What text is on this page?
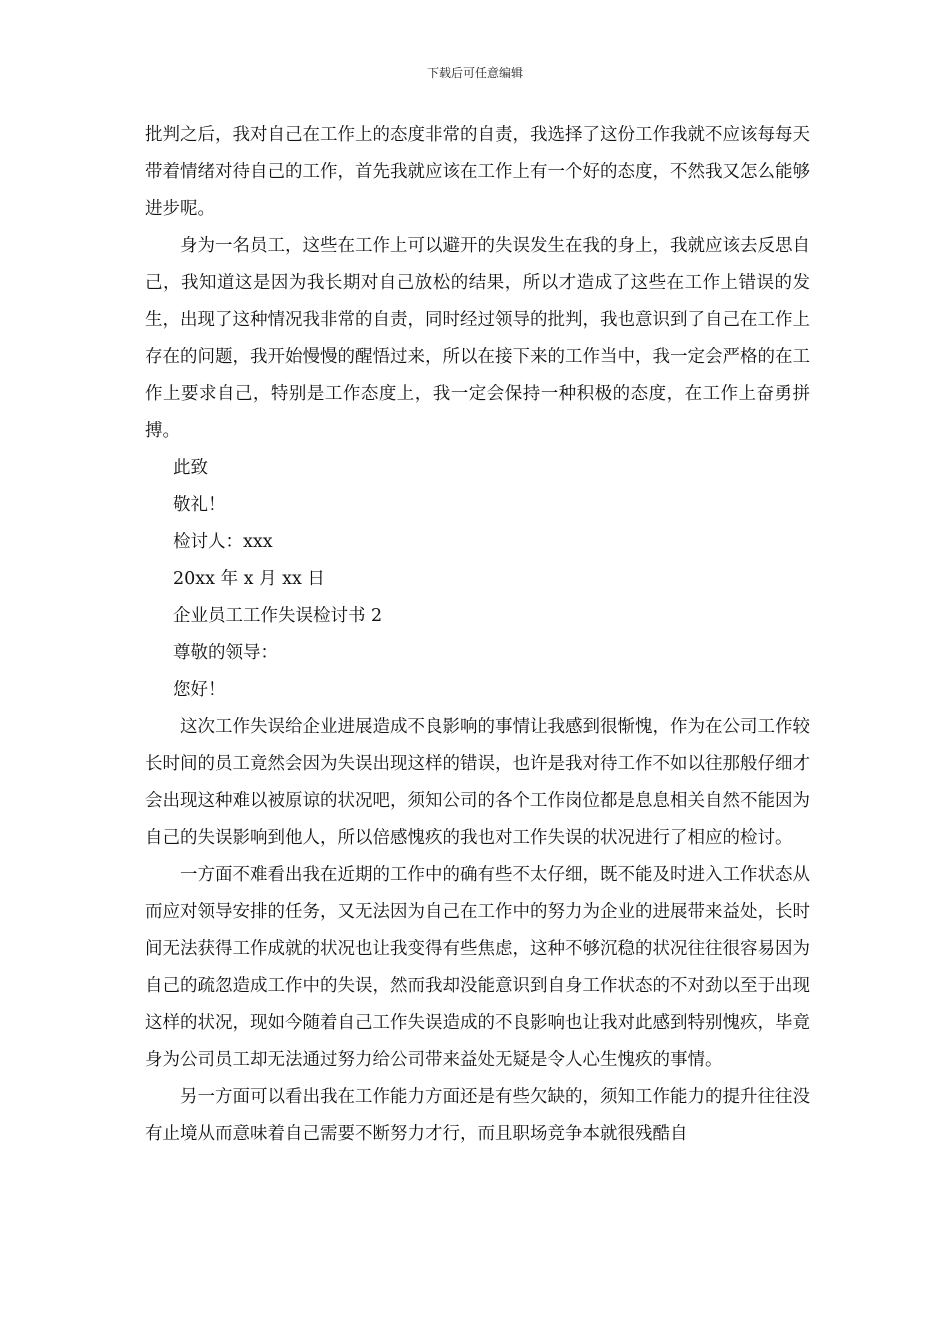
下载后可任意编辑

批判之后，我对自己在工作上的态度非常的自责，我选择了这份工作我就不应该每每天带着情绪对待自己的工作，首先我就应该在工作上有一个好的态度，不然我又怎么能够进步呢。

身为一名员工，这些在工作上可以避开的失误发生在我的身上，我就应该去反思自己，我知道这是因为我长期对自己放松的结果，所以才造成了这些在工作上错误的发生，出现了这种情况我非常的自责，同时经过领导的批判，我也意识到了自己在工作上存在的问题，我开始慢慢的醒悟过来，所以在接下来的工作当中，我一定会严格的在工作上要求自己，特别是工作态度上，我一定会保持一种积极的态度，在工作上奋勇拼搏。

此致

敬礼！

检讨人：xxx

20xx 年 x 月 xx 日

企业员工工作失误检讨书 2

尊敬的领导：

您好！

这次工作失误给企业进展造成不良影响的事情让我感到很惭愧，作为在公司工作较长时间的员工竟然会因为失误出现这样的错误，也许是我对待工作不如以往那般仔细才会出现这种难以被原谅的状况吧，须知公司的各个工作岗位都是息息相关自然不能因为自己的失误影响到他人，所以倍感愧疚的我也对工作失误的状况进行了相应的检讨。

一方面不难看出我在近期的工作中的确有些不太仔细，既不能及时进入工作状态从而应对领导安排的任务，又无法因为自己在工作中的努力为企业的进展带来益处，长时间无法获得工作成就的状况也让我变得有些焦虑，这种不够沉稳的状况往往很容易因为自己的疏忽造成工作中的失误，然而我却没能意识到自身工作状态的不对劲以至于出现这样的状况，现如今随着自己工作失误造成的不良影响也让我对此感到特别愧疚，毕竟身为公司员工却无法通过努力给公司带来益处无疑是令人心生愧疚的事情。

另一方面可以看出我在工作能力方面还是有些欠缺的，须知工作能力的提升往往没有止境从而意味着自己需要不断努力才行，而且职场竞争本就很残酷自
